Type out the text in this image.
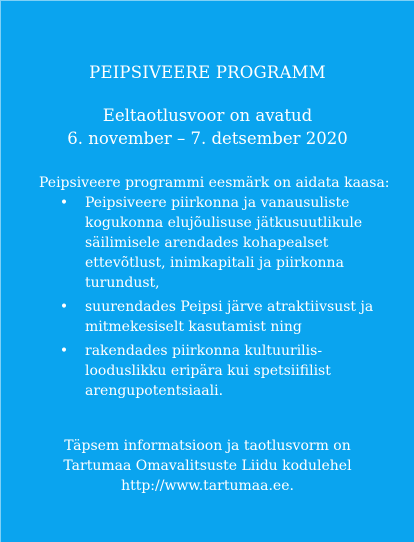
PEIPSIVEERE PROGRAMM
Eeltaotlusvoor on avatud
6. november – 7. detsember 2020
Peipsiveere programmi eesmärk on aidata kaasa:
• Peipsiveere piirkonna ja vanausuliste
kogukonna elujõulisuse jätkusuutlikule
säilimisele arendades kohapealset
ettevõtlust, inimkapitali ja piirkonna
turundust,
• suurendades Peipsi järve atraktiivsust ja
mitmekesiselt kasutamist ning
• rakendades piirkonna kultuurilis-
looduslikku eripära kui spetsiifilist
arengupotentsiaali.
Täpsem informatsioon ja taotlusvorm on
Tartumaa Omavalitsuste Liidu kodulehel
http://www.tartumaa.ee.
